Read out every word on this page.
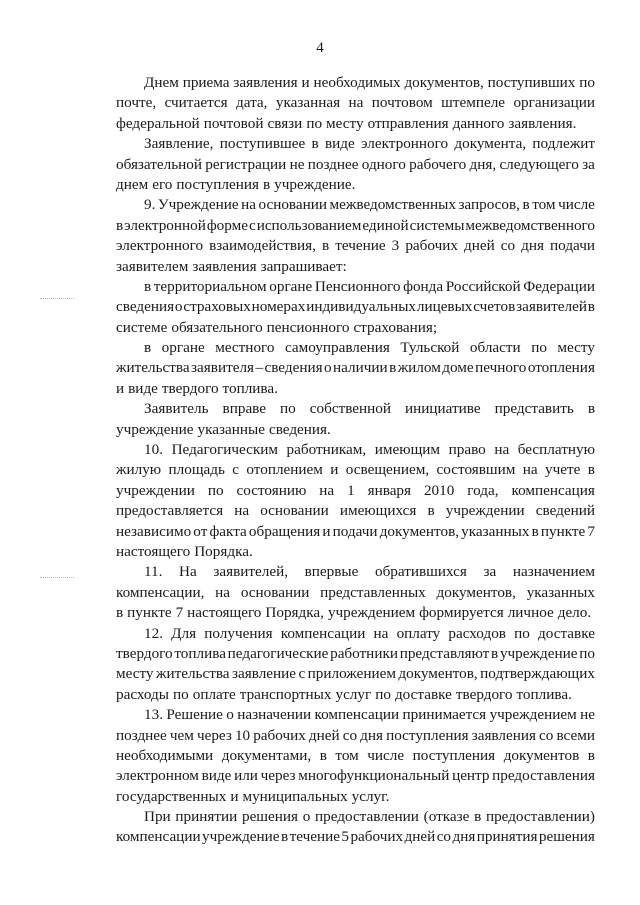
4
Днем приема заявления и необходимых документов, поступивших по
почте, считается дата, указанная на почтовом штемпеле организации
федеральной почтовой связи по месту отправления данного заявления.
Заявление, поступившее в виде электронного документа, подлежит
обязательной регистрации не позднее одного рабочего дня, следующего за
днем его поступления в учреждение.
9. Учреждение на основании межведомственных запросов, в том числе
в электронной форме с использованием единой системы межведомственного
электронного взаимодействия, в течение 3 рабочих дней со дня подачи
заявителем заявления запрашивает:
в территориальном органе Пенсионного фонда Российской Федерации
сведения о страховых номерах индивидуальных лицевых счетов заявителей в
системе обязательного пенсионного страхования;
в органе местного самоуправления Тульской области по месту
жительства заявителя – сведения о наличии в жилом доме печного отопления
и виде твердого топлива.
Заявитель вправе по собственной инициативе представить в
учреждение указанные сведения.
10. Педагогическим работникам, имеющим право на бесплатную
жилую площадь с отоплением и освещением, состоявшим на учете в
учреждении по состоянию на 1 января 2010 года, компенсация
предоставляется на основании имеющихся в учреждении сведений
независимо от факта обращения и подачи документов, указанных в пункте 7
настоящего Порядка.
11. На заявителей, впервые обратившихся за назначением
компенсации, на основании представленных документов, указанных
в пункте 7 настоящего Порядка, учреждением формируется личное дело.
12. Для получения компенсации на оплату расходов по доставке
твердого топлива педагогические работники представляют в учреждение по
месту жительства заявление с приложением документов, подтверждающих
расходы по оплате транспортных услуг по доставке твердого топлива.
13. Решение о назначении компенсации принимается учреждением не
позднее чем через 10 рабочих дней со дня поступления заявления со всеми
необходимыми документами, в том числе поступления документов в
электронном виде или через многофункциональный центр предоставления
государственных и муниципальных услуг.
При принятии решения о предоставлении (отказе в предоставлении)
компенсации учреждение в течение 5 рабочих дней со дня принятия решения
